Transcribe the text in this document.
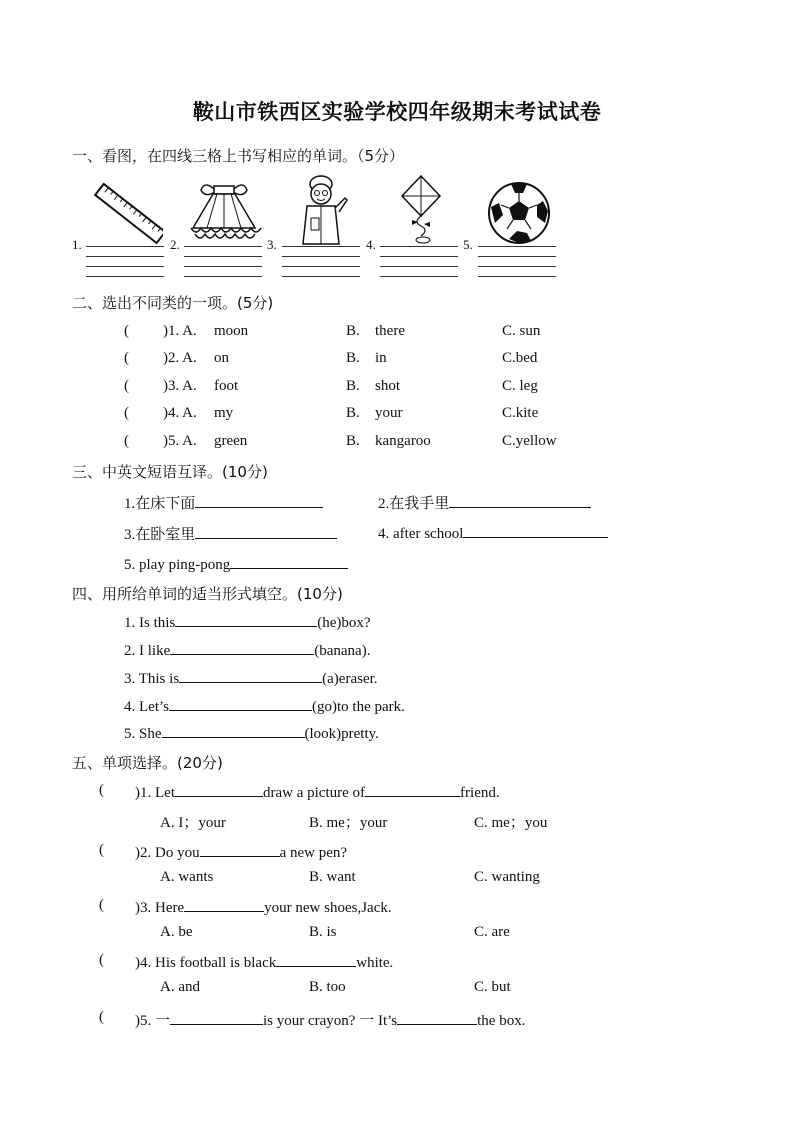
鞍山市铁西区实验学校四年级期末考试试卷
一、看图，在四线三格上书写相应的单词。（5分）
1.	2.	3.	4.	5.
二、选出不同类的一项。(5分)
( )1. A. moon	B. there	C. sun
( )2. A. on	B. in	C.bed
( )3. A. foot	B. shot	C. leg
( )4. A. my	B. your	C.kite
( )5. A. green	B. kangaroo	C.yellow
三、中英文短语互译。(10分)
1.在床下面	2.在我手里
3.在卧室里	4. after school
5. play ping-pong
四、用所给单词的适当形式填空。(10分)
1. Is this	(he)box?
2. I like	(banana).
3. This is	(a)eraser.
4. Let’s	(go)to the park.
5. She	(look)pretty.
五、单项选择。(20分)
( )1. Let	draw a picture of	friend.
A. I；your	B. me；your	C. me；you
( )2. Do you	a new pen?
A. wants	B. want	C. wanting
( )3. Here	your new shoes,Jack.
A. be	B. is	C. are
( )4. His football is black	white.
A. and	B. too	C. but
( )5. 一	is your crayon? 一 It’s	the box.
